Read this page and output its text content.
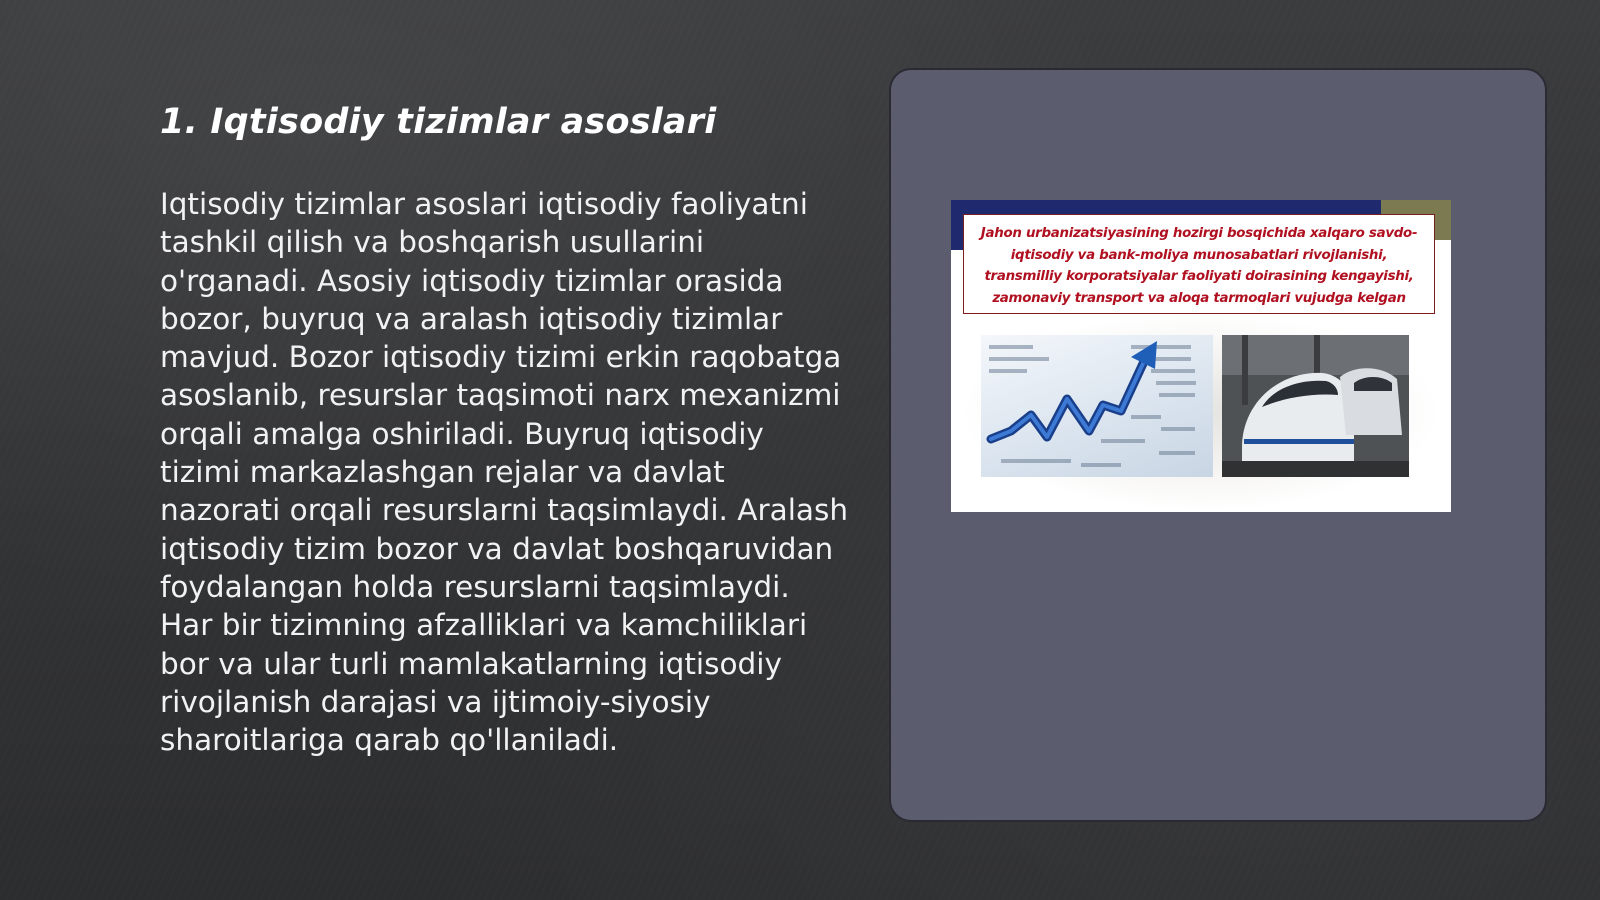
1. Iqtisodiy tizimlar asoslari

Iqtisodiy tizimlar asoslari iqtisodiy faoliyatni tashkil qilish va boshqarish usullarini o'rganadi. Asosiy iqtisodiy tizimlar orasida bozor, buyruq va aralash iqtisodiy tizimlar mavjud. Bozor iqtisodiy tizimi erkin raqobatga asoslanib, resurslar taqsimoti narx mexanizmi orqali amalga oshiriladi. Buyruq iqtisodiy tizimi markazlashgan rejalar va davlat nazorati orqali resurslarni taqsimlaydi. Aralash iqtisodiy tizim bozor va davlat boshqaruvidan foydalangan holda resurslarni taqsimlaydi. Har bir tizimning afzalliklari va kamchiliklari bor va ular turli mamlakatlarning iqtisodiy rivojlanish darajasi va ijtimoiy-siyosiy sharoitlariga qarab qo'llaniladi.

Jahon urbanizatsiyasining hozirgi bosqichida xalqaro savdo-iqtisodiy va bank-moliya munosabatlari rivojlanishi, transmilliy korporatsiyalar faoliyati doirasining kengayishi, zamonaviy transport va aloqa tarmoqlari vujudga kelgan
